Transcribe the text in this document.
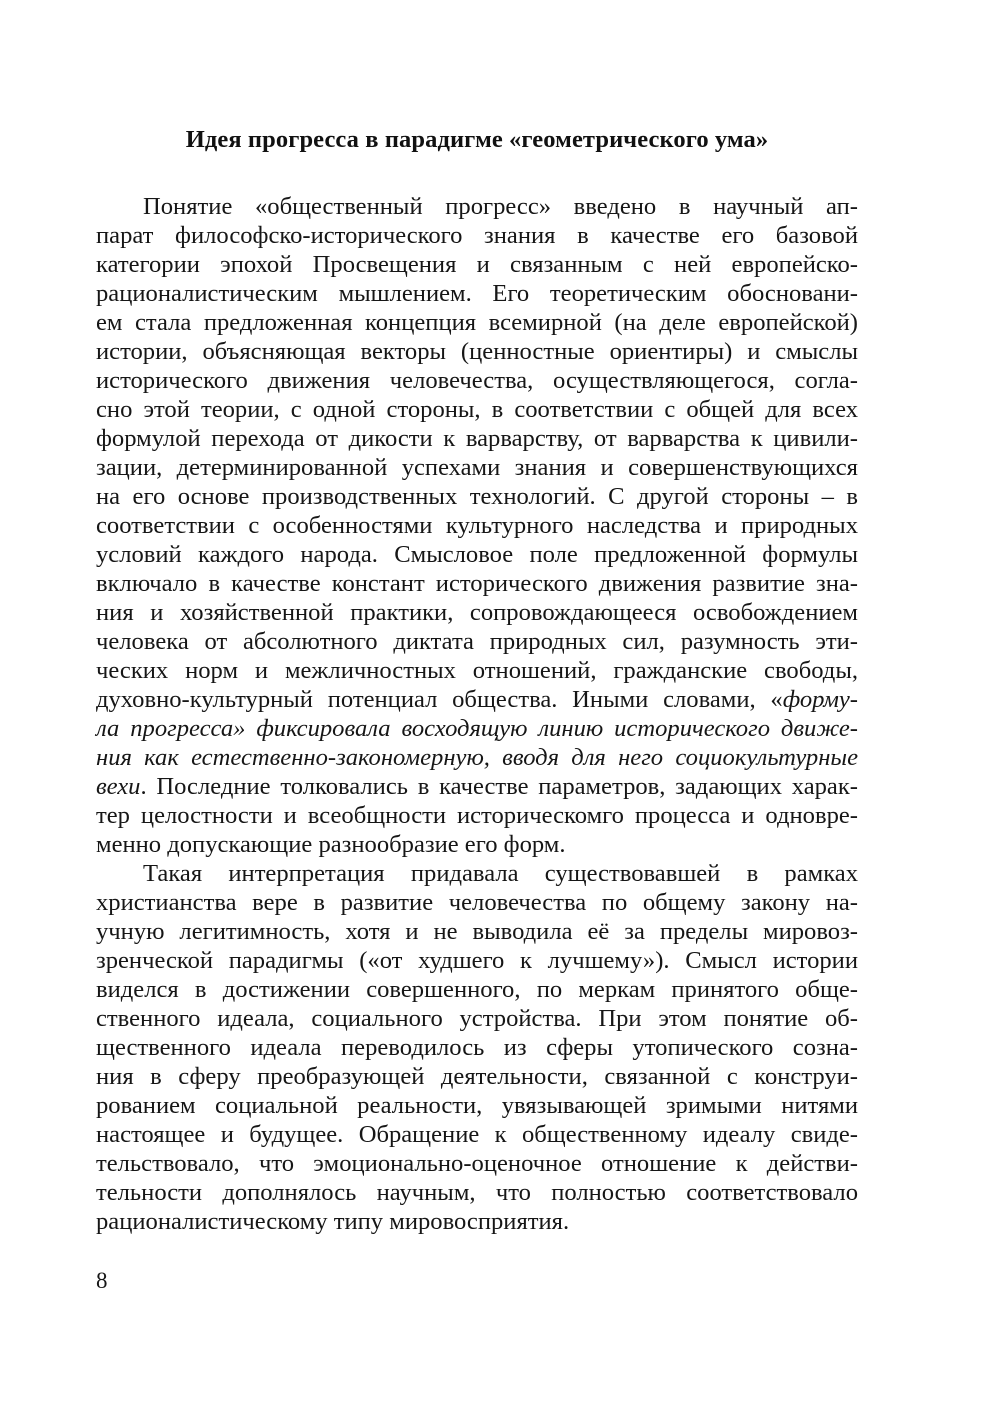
Идея прогресса в парадигме «геометрического ума»
Понятие «общественный прогресс» введено в научный ап-
парат философско-исторического знания в качестве его базовой
категории эпохой Просвещения и связанным с ней европейско-
рационалистическим мышлением. Его теоретическим обосновани-
ем стала предложенная концепция всемирной (на деле европейской)
истории, объясняющая векторы (ценностные ориентиры) и смыслы
исторического движения человечества, осуществляющегося, согла-
сно этой теории, с одной стороны, в соответствии с общей для всех
формулой перехода от дикости к варварству, от варварства к цивили-
зации, детерминированной успехами знания и совершенствующихся
на его основе производственных технологий. С другой стороны – в
соответствии с особенностями культурного наследства и природных
условий каждого народа. Смысловое поле предложенной формулы
включало в качестве констант исторического движения развитие зна-
ния и хозяйственной практики, сопровождающееся освобождением
человека от абсолютного диктата природных сил, разумность эти-
ческих норм и межличностных отношений, гражданские свободы,
духовно-культурный потенциал общества. Иными словами, «форму-
ла прогресса» фиксировала восходящую линию исторического движе-
ния как естественно-закономерную, вводя для него социокультурные
вехи. Последние толковались в качестве параметров, задающих харак-
тер целостности и всеобщности историческомго процесса и одновре-
менно допускающие разнообразие его форм.
Такая интерпретация придавала существовавшей в рамках
христианства вере в развитие человечества по общему закону на-
учную легитимность, хотя и не выводила её за пределы мировоз-
зренческой парадигмы («от худшего к лучшему»). Смысл истории
виделся в достижении совершенного, по меркам принятого обще-
ственного идеала, социального устройства. При этом понятие об-
щественного идеала переводилось из сферы утопического созна-
ния в сферу преобразующей деятельности, связанной с конструи-
рованием социальной реальности, увязывающей зримыми нитями
настоящее и будущее. Обращение к общественному идеалу свиде-
тельствовало, что эмоционально-оценочное отношение к действи-
тельности дополнялось научным, что полностью соответствовало
рационалистическому типу мировосприятия.
8
